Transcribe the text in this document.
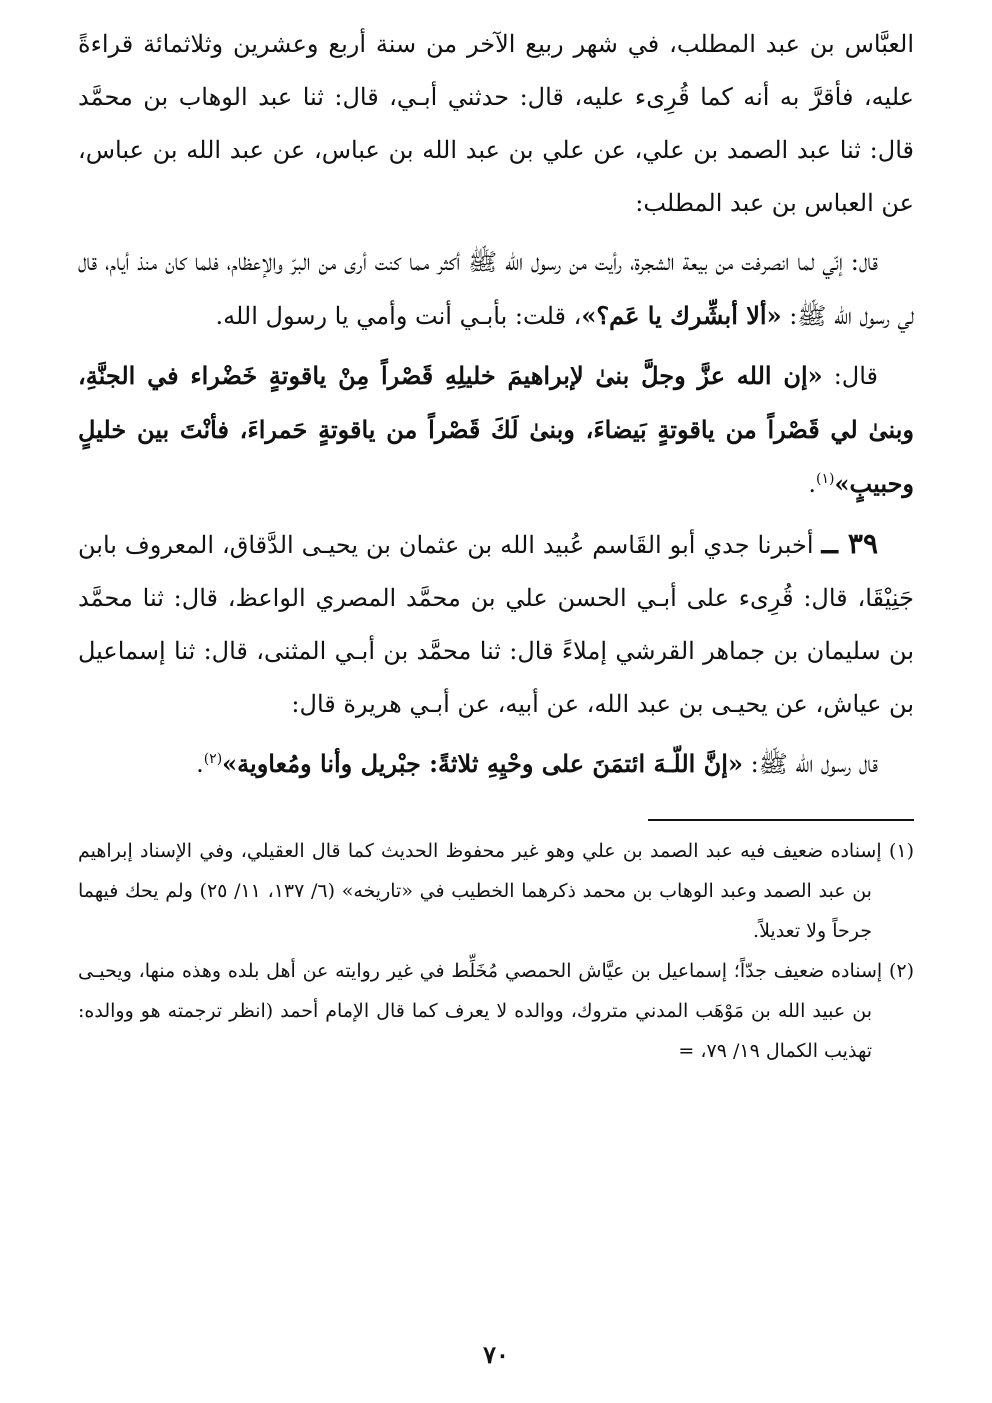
العبَّاس بن عبد المطلب، في شهر ربيع الآخر من سنة أربع وعشرين وثلاثمائة قراءةً عليه، فأقرَّ به أنه كما قُرِىء عليه، قال: حدثني أبـي، قال: ثنا عبد الوهاب بن محمَّد قال: ثنا عبد الصمد بن علي، عن علي بن عبد الله بن عباس، عن عبد الله بن عباس، عن العباس بن عبد المطلب:

قال: إنّي لما انصرفت من بيعة الشجرة، رأيت من رسول الله ﷺ أكثر مما كنت أرى من البرّ والإعظام، فلما كان منذ أيام، قال لي رسول الله ﷺ: «ألا أبشِّرك يا عَم؟»، قلت: بأبـي أنت وأمي يا رسول الله.

قال: «إن الله عزَّ وجلَّ بنىٰ لإبراهيمَ خليلِهِ قَصْراً مِنْ ياقوتةٍ خَضْراء في الجنَّةِ، وبنىٰ لي قَصْراً من ياقوتةٍ بَيضاءَ، وبنىٰ لَكَ قَصْراً من ياقوتةٍ حَمراءَ، فأنْتَ بين خليلٍ وحبيبٍ»$^{(١)}$.

٣٩ ــ أخبرنا جدي أبو القَاسم عُبيد الله بن عثمان بن يحيـى الدَّقاق، المعروف بابن جَنِيْقَا، قال: قُرِىء على أبـي الحسن علي بن محمَّد المصري الواعظ، قال: ثنا محمَّد بن سليمان بن جماهر القرشي إملاءً قال: ثنا محمَّد بن أبـي المثنى، قال: ثنا إسماعيل بن عياش، عن يحيـى بن عبد الله، عن أبيه، عن أبـي هريرة قال:

قال رسول الله ﷺ: «إنَّ اللّـهَ ائتمَنَ على وحْيِهِ ثلاثةً: جبْريل وأنا ومُعاوية»$^{(٢)}$.

(١) إسناده ضعيف فيه عبد الصمد بن علي وهو غير محفوظ الحديث كما قال العقيلي، وفي الإسناد إبراهيم بن عبد الصمد وعبد الوهاب بن محمد ذكرهما الخطيب في «تاريخه» (٦/ ١٣٧، ١١/ ٢٥) ولم يحك فيهما جرحاً ولا تعديلاً.

(٢) إسناده ضعيف جدّاً؛ إسماعيل بن عيَّاش الحمصي مُخَلِّط في غير روايته عن أهل بلده وهذه منها، ويحيـى بن عبيد الله بن مَوْهَب المدني متروك، ووالده لا يعرف كما قال الإمام أحمد (انظر ترجمته هو ووالده: تهذيب الكمال ١٩/ ٧٩، =

٧٠
